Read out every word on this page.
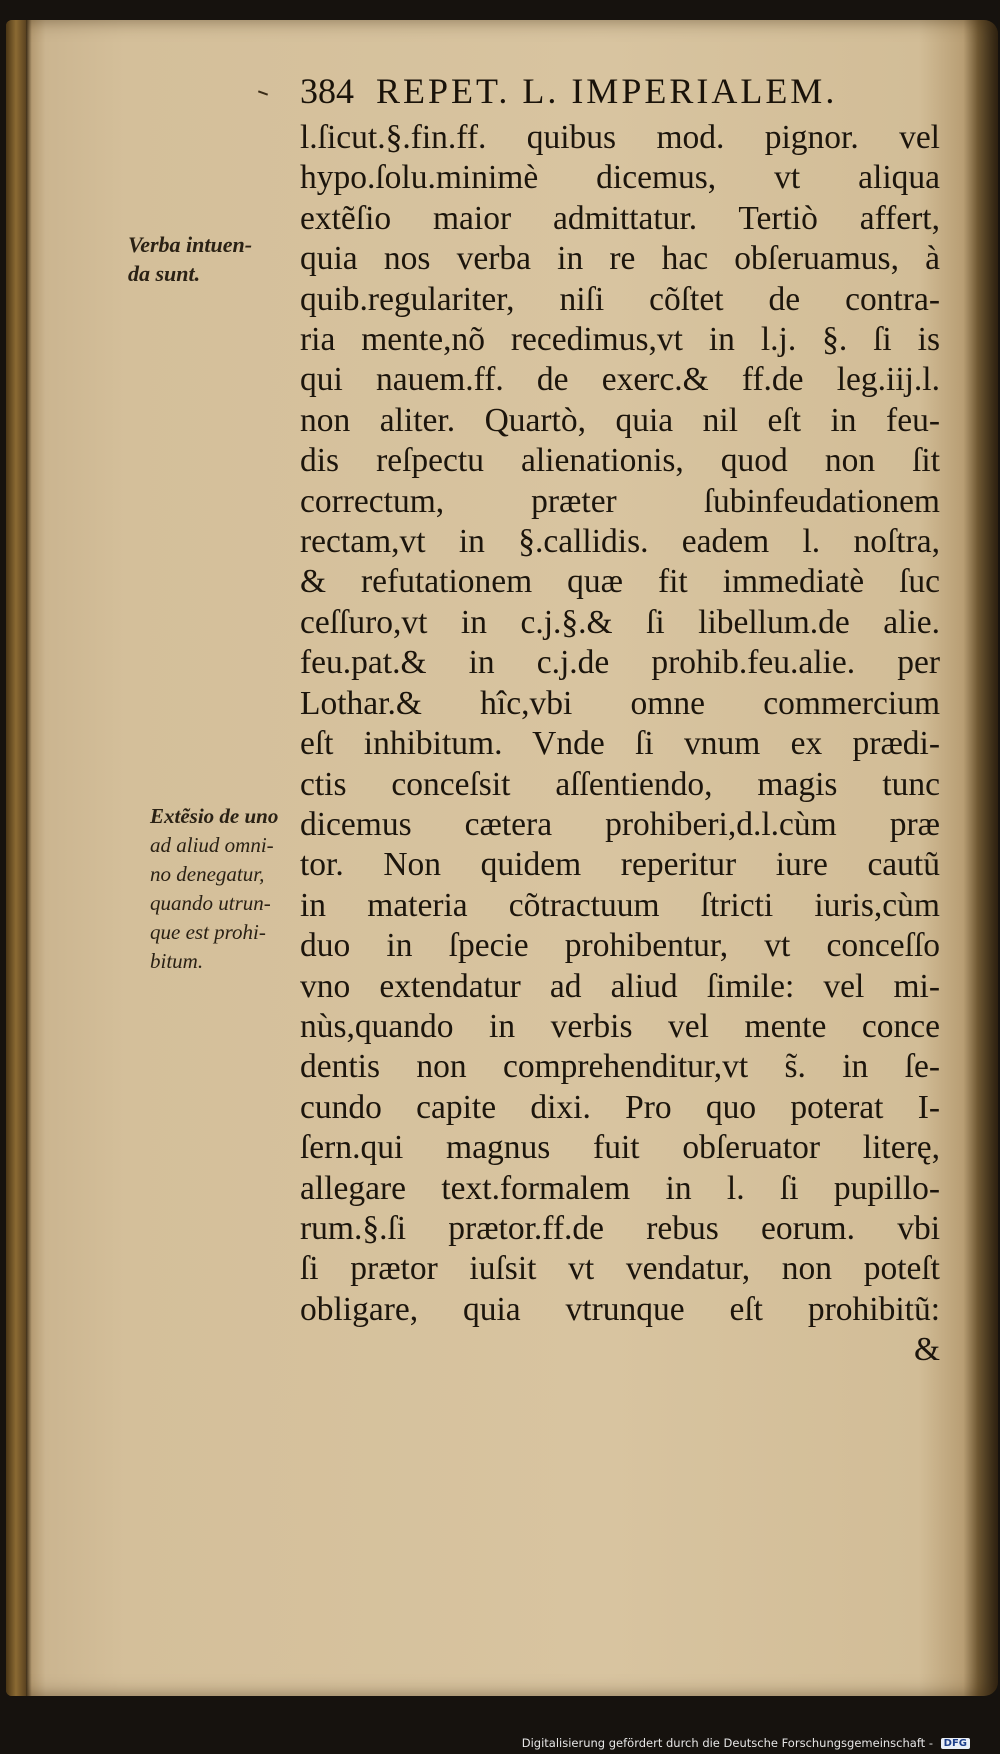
384 REPET. L. IMPERIALEM.
Verba intuen-
da sunt.
Extẽsio de uno
ad aliud omni-
no denegatur,
quando utrun-
que est prohi-
bitum.
l.ſicut.§.fin.ff. quibus mod. pignor. vel
hypo.ſolu.minimè dicemus, vt aliqua
extẽſio maior admittatur. Tertiò affert,
quia nos verba in re hac obſeruamus, à
quib.regulariter, niſi cõſtet de contra-
ria mente,nõ recedimus,vt in l.j. §. ſi is
qui nauem.ff. de exerc.& ff.de leg.iij.l.
non aliter. Quartò, quia nil eſt in feu-
dis reſpectu alienationis, quod non ſit
correctum, præter ſubinfeudationem
rectam,vt in §.callidis. eadem l. noſtra,
& refutationem quæ fit immediatè ſuc
ceſſuro,vt in c.j.§.& ſi libellum.de alie.
feu.pat.& in c.j.de prohib.feu.alie. per
Lothar.& hîc,vbi omne commercium
eſt inhibitum. Vnde ſi vnum ex prædi-
ctis conceſsit aſſentiendo, magis tunc
dicemus cætera prohiberi,d.l.cùm præ
tor. Non quidem reperitur iure cautũ
in materia cõtractuum ſtricti iuris,cùm
duo in ſpecie prohibentur, vt conceſſo
vno extendatur ad aliud ſimile: vel mi-
nùs,quando in verbis vel mente conce
dentis non comprehenditur,vt s̃. in ſe-
cundo capite dixi. Pro quo poterat I-
ſern.qui magnus fuit obſeruator literę,
allegare text.formalem in l. ſi pupillo-
rum.§.ſi prætor.ff.de rebus eorum. vbi
ſi prætor iuſsit vt vendatur, non poteſt
obligare, quia vtrunque eſt prohibitũ:
&
Digitalisierung gefördert durch die Deutsche Forschungsgemeinschaft - DFG
